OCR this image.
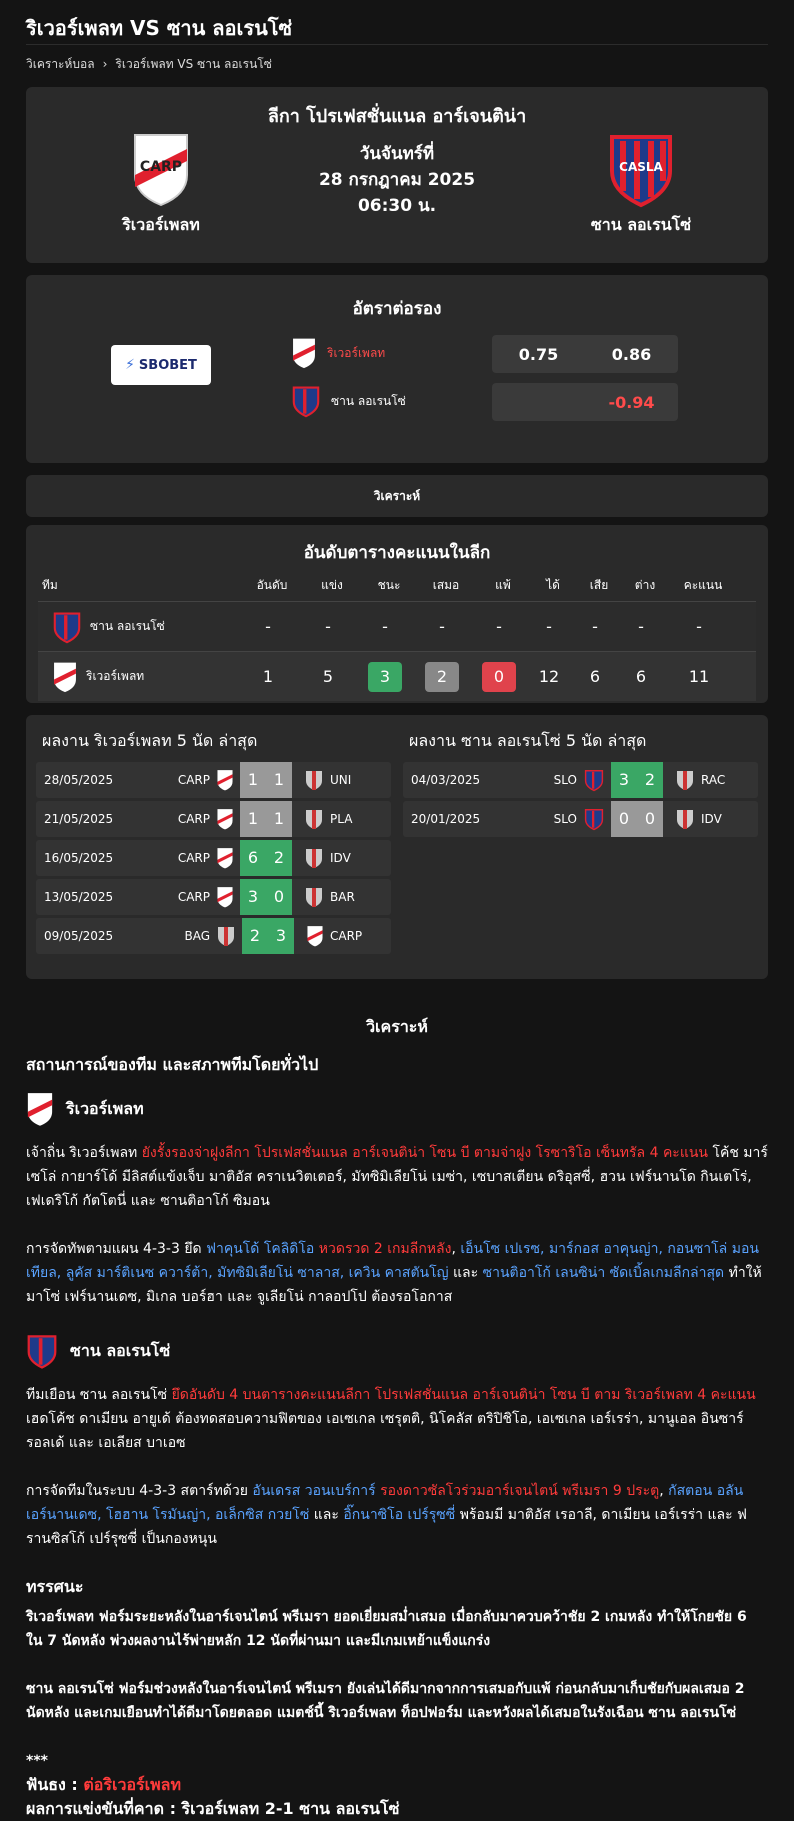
ริเวอร์เพลท VS ซาน ลอเรนโซ่
วิเคราะห์บอล › ริเวอร์เพลท VS ซาน ลอเรนโซ่
ลีกา โปรเฟสชั่นแนล อาร์เจนติน่า
CARP
ริเวอร์เพลท
วันจันทร์ที่
28 กรกฎาคม 2025
06:30 น.
CASLA
ซาน ลอเรนโซ่
อัตราต่อรอง
⚡ SBOBET
ริเวอร์เพลท
ซาน ลอเรนโซ่
0.75	0.86
-0.94
วิเคราะห์
อันดับตารางคะแนนในลีก
ทีม	อันดับ	แข่ง	ชนะ	เสมอ	แพ้	ได้	เสีย	ต่าง	คะแนน
ซาน ลอเรนโซ่	-	-	-	-	-	-	-	-	-
ริเวอร์เพลท	1	5	3	2	0	12	6	6	11
ผลงาน ริเวอร์เพลท 5 นัด ล่าสุด
28/05/2025	CARP	1 1	UNI
21/05/2025	CARP	1 1	PLA
16/05/2025	CARP	6 2	IDV
13/05/2025	CARP	3 0	BAR
09/05/2025	BAG	2 3	CARP
ผลงาน ซาน ลอเรนโซ่ 5 นัด ล่าสุด
04/03/2025	SLO	3 2	RAC
20/01/2025	SLO	0 0	IDV
วิเคราะห์
สถานการณ์ของทีม และสภาพทีมโดยทั่วไป
ริเวอร์เพลท

เจ้าถิ่น ริเวอร์เพลท ยังรั้งรองจ่าฝูงลีกา โปรเฟสชั่นแนล อาร์เจนติน่า โซน บี ตามจ่าฝูง โรซาริโอ เซ็นทรัล 4 คะแนน โค้ช มาร์เซโล่ กายาร์โด้ มีลิสต์แข้งเจ็บ มาติอัส คราเนวิตเตอร์, มัทซิมิเลียโน่ เมซ่า, เซบาสเตียน ดริอุสซี่, ฮวน เฟร์นานโด กินเตโร่, เฟเดริโก้ กัตโตนี่ และ ซานติอาโก้ ซิมอน

การจัดทัพตามแผน 4-3-3 ยึด ฟาคุนโด้ โคลิดิโอ หวดรวด 2 เกมลีกหลัง, เอ็นโซ เปเรซ, มาร์กอส อาคุนญ่า, กอนซาโล่ มอนเทียล, ลูคัส มาร์ติเนซ ควาร์ต้า, มัทซิมิเลียโน่ ซาลาส, เควิน คาสตันโญ่ และ ซานติอาโก้ เลนซิน่า ซัดเบิ้ลเกมลีกล่าสุด ทำให้ มาโซ่ เฟร์นานเดซ, มิเกล บอร์ฮา และ จูเลียโน่ กาลอปโป ต้องรอโอกาส

ซาน ลอเรนโซ่

ทีมเยือน ซาน ลอเรนโซ่ ยึดอันดับ 4 บนตารางคะแนนลีกา โปรเฟสชั่นแนล อาร์เจนติน่า โซน บี ตาม ริเวอร์เพลท 4 คะแนน เฮดโค้ช ดาเมียน อายูเด้ ต้องทดสอบความฟิตของ เอเซเกล เซรุตติ, นิโคลัส ตริปิชิโอ, เอเซเกล เอร์เรร่า, มานูเอล อินซาร์รอลเด้ และ เอเลียส บาเอซ

การจัดทีมในระบบ 4-3-3 สตาร์ทด้วย อันเดรส วอนเบร์การ์ รองดาวซัลโวร่วมอาร์เจนไตน์ พรีเมรา 9 ประตู, กัสตอน อลัน เอร์นานเดซ, โฮฮาน โรมันญ่า, อเล็กซิส กวยโซ่ และ อิ๊กนาซิโอ เปร์รุซซี่ พร้อมมี มาติอัส เรอาลี, ดาเมียน เอร์เรร่า และ ฟรานซิสโก้ เปร์รุซซี่ เป็นกองหนุน

ทรรศนะ

ริเวอร์เพลท ฟอร์มระยะหลังในอาร์เจนไตน์ พรีเมรา ยอดเยี่ยมสม่ำเสมอ เมื่อกลับมาควบคว้าชัย 2 เกมหลัง ทำให้โกยชัย 6 ใน 7 นัดหลัง พ่วงผลงานไร้พ่ายหลัก 12 นัดที่ผ่านมา และมีเกมเหย้าแข็งแกร่ง

ซาน ลอเรนโซ่ ฟอร์มช่วงหลังในอาร์เจนไตน์ พรีเมรา ยังเล่นได้ดีมากจากการเสมอกับแพ้ ก่อนกลับมาเก็บชัยกับผลเสมอ 2 นัดหลัง และเกมเยือนทำได้ดีมาโดยตลอด แมตช์นี้ ริเวอร์เพลท ท็อปฟอร์ม และหวังผลได้เสมอในรังเฉือน ซาน ลอเรนโซ่

***
ฟันธง : ต่อริเวอร์เพลท
ผลการแข่งขันที่คาด : ริเวอร์เพลท 2-1 ซาน ลอเรนโซ่
